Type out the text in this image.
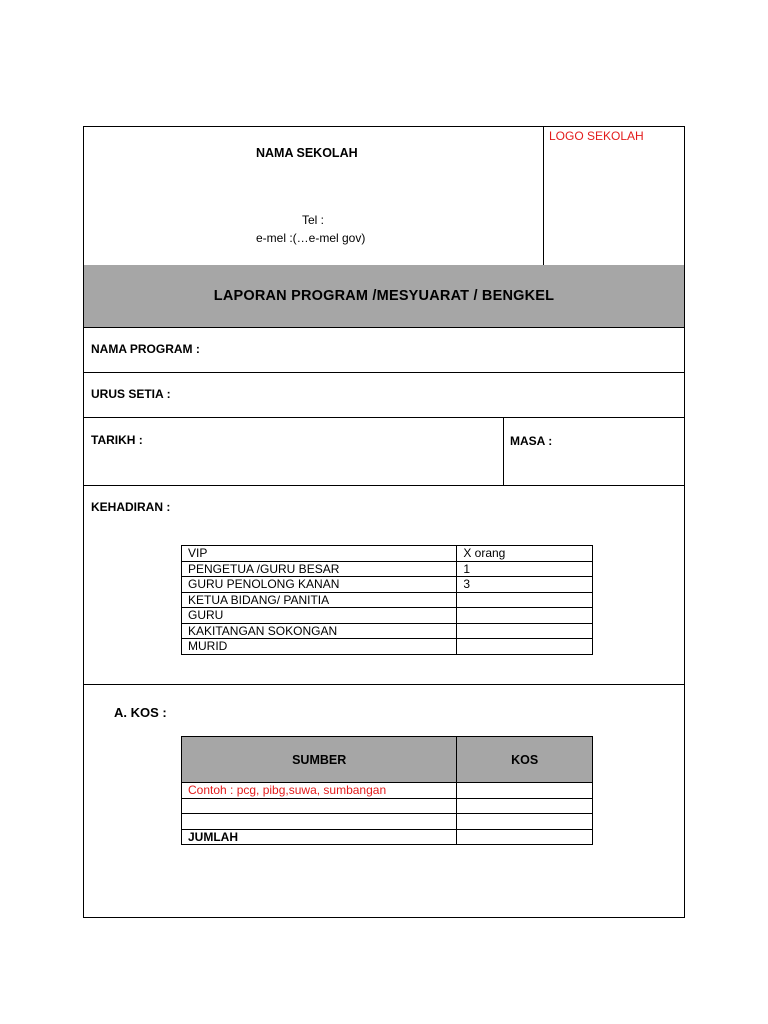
NAMA SEKOLAH
Tel :
e-mel :(…e-mel gov)
LOGO SEKOLAH
LAPORAN PROGRAM /MESYUARAT / BENGKEL
NAMA PROGRAM :
URUS SETIA :
TARIKH :	MASA :
KEHADIRAN :
VIP	X orang
PENGETUA /GURU BESAR	1
GURU PENOLONG KANAN	3
KETUA BIDANG/ PANITIA	
GURU	
KAKITANGAN SOKONGAN	
MURID	
A. KOS :
SUMBER	KOS
Contoh : pcg, pibg,suwa, sumbangan	

JUMLAH	
